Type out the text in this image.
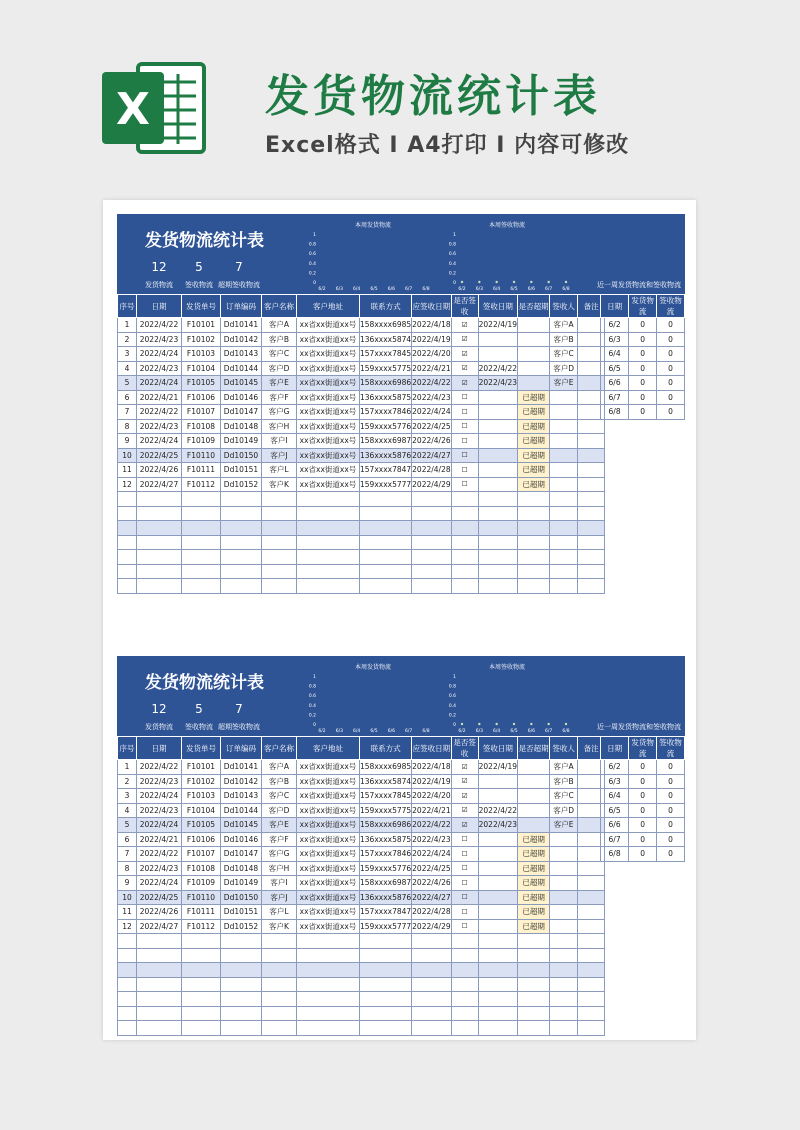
X	发货物流统计表
Excel格式 I A4打印 I 内容可修改
发货物流统计表
12	5	7
发货物流	签收物流 超期签收物流
本周发货物流	本周签收物流
1
0.8
0.6
0.4
0.2
0
6/2 6/3 6/4 6/5 6/6 6/7 6/8
1
0.8
0.6
0.4
0.2
0
6/2 6/3 6/4 6/5 6/6 6/7 6/8
近一周发货物流和签收物流
序号	日期	发货单号	订单编码	客户名称	客户地址	联系方式	应签收日期	是否签收	签收日期	是否超期	签收人	备注
1	2022/4/22	F10101	Dd10141	客户A	xx省xx街道xx号	158xxxx6985	2022/4/18	☑	2022/4/19		客户A	
2	2022/4/23	F10102	Dd10142	客户B	xx省xx街道xx号	136xxxx5874	2022/4/19	☑			客户B	
3	2022/4/24	F10103	Dd10143	客户C	xx省xx街道xx号	157xxxx7845	2022/4/20	☑			客户C	
4	2022/4/23	F10104	Dd10144	客户D	xx省xx街道xx号	159xxxx5775	2022/4/21	☑	2022/4/22		客户D	
5	2022/4/24	F10105	Dd10145	客户E	xx省xx街道xx号	158xxxx6986	2022/4/22	☑	2022/4/23		客户E	
6	2022/4/21	F10106	Dd10146	客户F	xx省xx街道xx号	136xxxx5875	2022/4/23	☐		已超期		
7	2022/4/22	F10107	Dd10147	客户G	xx省xx街道xx号	157xxxx7846	2022/4/24	☐		已超期		
8	2022/4/23	F10108	Dd10148	客户H	xx省xx街道xx号	159xxxx5776	2022/4/25	☐		已超期		
9	2022/4/24	F10109	Dd10149	客户I	xx省xx街道xx号	158xxxx6987	2022/4/26	☐		已超期		
10	2022/4/25	F10110	Dd10150	客户J	xx省xx街道xx号	136xxxx5876	2022/4/27	☐		已超期		
11	2022/4/26	F10111	Dd10151	客户L	xx省xx街道xx号	157xxxx7847	2022/4/28	☐		已超期		
12	2022/4/27	F10112	Dd10152	客户K	xx省xx街道xx号	159xxxx5777	2022/4/29	☐		已超期		

日期	发货物流	签收物流
6/2	0	0
6/3	0	0
6/4	0	0
6/5	0	0
6/6	0	0
6/7	0	0
6/8	0	0
发货物流统计表
12	5	7
发货物流	签收物流 超期签收物流
本周发货物流	本周签收物流
1
0.8
0.6
0.4
0.2
0
6/2 6/3 6/4 6/5 6/6 6/7 6/8
1
0.8
0.6
0.4
0.2
0
6/2 6/3 6/4 6/5 6/6 6/7 6/8
近一周发货物流和签收物流
序号	日期	发货单号	订单编码	客户名称	客户地址	联系方式	应签收日期	是否签收	签收日期	是否超期	签收人	备注
1	2022/4/22	F10101	Dd10141	客户A	xx省xx街道xx号	158xxxx6985	2022/4/18	☑	2022/4/19		客户A	
2	2022/4/23	F10102	Dd10142	客户B	xx省xx街道xx号	136xxxx5874	2022/4/19	☑			客户B	
3	2022/4/24	F10103	Dd10143	客户C	xx省xx街道xx号	157xxxx7845	2022/4/20	☑			客户C	
4	2022/4/23	F10104	Dd10144	客户D	xx省xx街道xx号	159xxxx5775	2022/4/21	☑	2022/4/22		客户D	
5	2022/4/24	F10105	Dd10145	客户E	xx省xx街道xx号	158xxxx6986	2022/4/22	☑	2022/4/23		客户E	
6	2022/4/21	F10106	Dd10146	客户F	xx省xx街道xx号	136xxxx5875	2022/4/23	☐		已超期		
7	2022/4/22	F10107	Dd10147	客户G	xx省xx街道xx号	157xxxx7846	2022/4/24	☐		已超期		
8	2022/4/23	F10108	Dd10148	客户H	xx省xx街道xx号	159xxxx5776	2022/4/25	☐		已超期		
9	2022/4/24	F10109	Dd10149	客户I	xx省xx街道xx号	158xxxx6987	2022/4/26	☐		已超期		
10	2022/4/25	F10110	Dd10150	客户J	xx省xx街道xx号	136xxxx5876	2022/4/27	☐		已超期		
11	2022/4/26	F10111	Dd10151	客户L	xx省xx街道xx号	157xxxx7847	2022/4/28	☐		已超期		
12	2022/4/27	F10112	Dd10152	客户K	xx省xx街道xx号	159xxxx5777	2022/4/29	☐		已超期		

日期	发货物流	签收物流
6/2	0	0
6/3	0	0
6/4	0	0
6/5	0	0
6/6	0	0
6/7	0	0
6/8	0	0
